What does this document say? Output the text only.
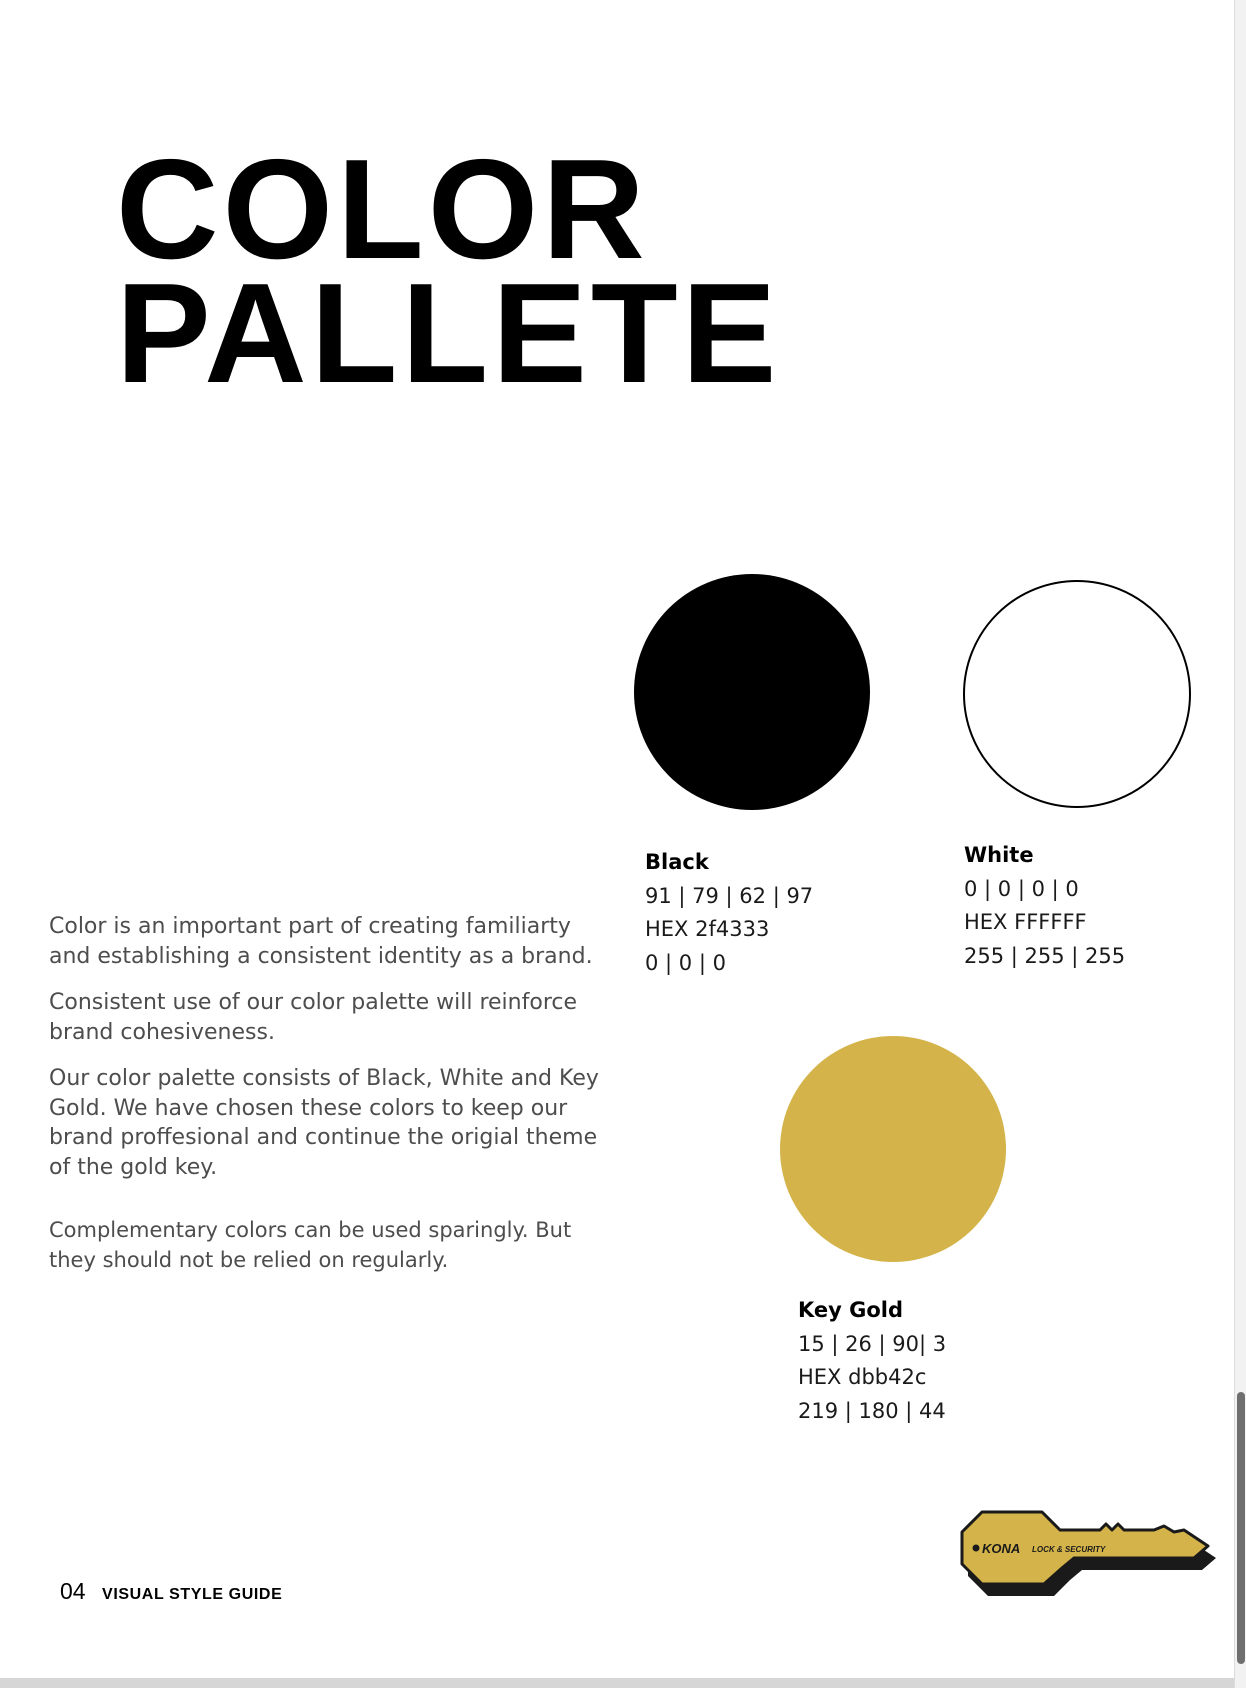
COLOR
PALLETE

Color is an important part of creating familiarty and establishing a consistent identity as a brand.

Consistent use of our color palette will reinforce brand cohesiveness.

Our color palette consists of Black, White and Key Gold. We have chosen these colors to keep our brand proffesional and continue the origial theme of the gold key.

Complementary colors can be used sparingly. But they should not be relied on regularly.

Black
91 | 79 | 62 | 97
HEX 2f4333
0 | 0 | 0
White
0 | 0 | 0 | 0
HEX FFFFFF
255 | 255 | 255
Key Gold
15 | 26 | 90| 3
HEX dbb42c
219 | 180 | 44
04 VISUAL STYLE GUIDE
KONA LOCK & SECURITY
